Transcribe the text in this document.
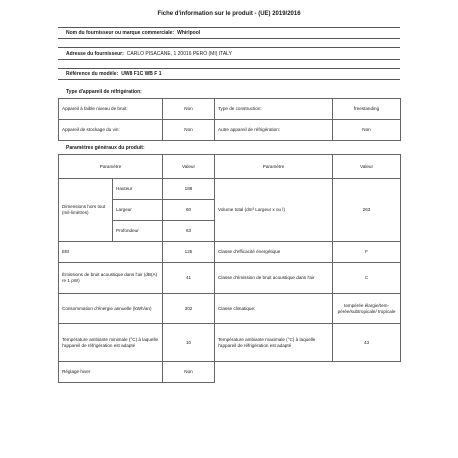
Fiche d'information sur le produit - (UE) 2019/2016
Nom du fournisseur ou marque commerciale: Whirlpool
Adresse du fournisseur: CARLO PISACANE, 1 20016 PERO (MI) ITALY
Référence du modèle: UW8 F1C WB F 1
Type d'appareil de réfrigération:
Appareil à faible niveau de bruit:	Non	Type de construction:	freestanding
Appareil de stockage du vin:	Non	Autre appareil de réfrigération:	Non
Paramètres généraux du produit:
Paramètre		Valeur	Paramètre	Valeur
Dimensions hors tout (mil-limètres)	Hauteur	188	Volume total (dm³ Largeur x ou l)	263
	Largeur	60		
	Profondeur	63		
EEI		125	Classe d'efficacité énergétique	F
Émissions de bruit acoustique dans l'air (dB(A) re 1 pW)		41	Classe d'émission de bruit acoustique dans l'air	C
Consommation d'énergie annuelle (kWh/an)		302	Classe climatique:	tempérée élargie/tem-pérée/subtropicale/ tropicale
Température ambiante minimale (°C) à laquelle l'appareil de réfrigération est adapté		10	Température ambiante maximale (°C) à laquelle l'appareil de réfrigération est adapté	43
Réglage hiver		Non		
